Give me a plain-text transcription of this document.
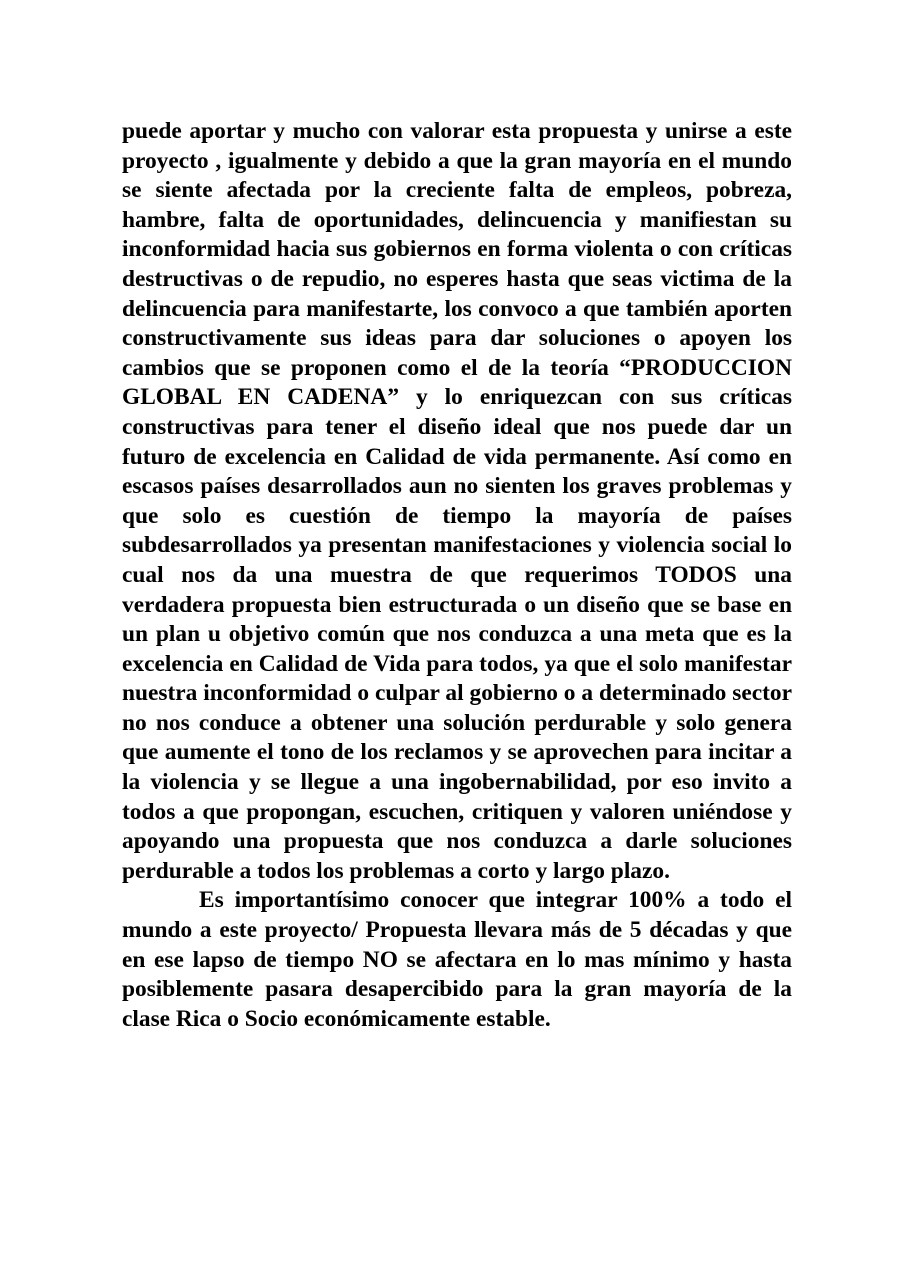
puede aportar y mucho con valorar esta propuesta y unirse a este proyecto , igualmente y debido a que la gran mayoría en el mundo se siente afectada por la creciente falta de empleos, pobreza, hambre, falta de oportunidades, delincuencia y manifiestan su inconformidad hacia sus gobiernos en forma violenta o con críticas destructivas o de repudio, no esperes hasta que seas victima de la delincuencia para manifestarte, los convoco a que también aporten constructivamente sus ideas para dar soluciones o apoyen los cambios que se proponen como el de la teoría “PRODUCCION GLOBAL EN CADENA” y lo enriquezcan con sus críticas constructivas para tener el diseño ideal que nos puede dar un futuro de excelencia en Calidad de vida permanente. Así como en escasos países desarrollados aun no sienten los graves problemas y que solo es cuestión de tiempo la mayoría de países subdesarrollados ya presentan manifestaciones y violencia social lo cual nos da una muestra de que requerimos TODOS una verdadera propuesta bien estructurada o un diseño que se base en un plan u objetivo común que nos conduzca a una meta que es la excelencia en Calidad de Vida para todos, ya que el solo manifestar nuestra inconformidad o culpar al gobierno o a determinado sector no nos conduce a obtener una solución perdurable y solo genera que aumente el tono de los reclamos y se aprovechen para incitar a la violencia y se llegue a una ingobernabilidad, por eso invito a todos a que propongan, escuchen, critiquen y valoren uniéndose y apoyando una propuesta que nos conduzca a darle soluciones perdurable a todos los problemas a corto y largo plazo.

Es importantísimo conocer que integrar 100% a todo el mundo a este proyecto/ Propuesta llevara más de 5 décadas y que en ese lapso de tiempo NO se afectara en lo mas mínimo y hasta posiblemente pasara desapercibido para la gran mayoría de la clase Rica o Socio económicamente estable.
